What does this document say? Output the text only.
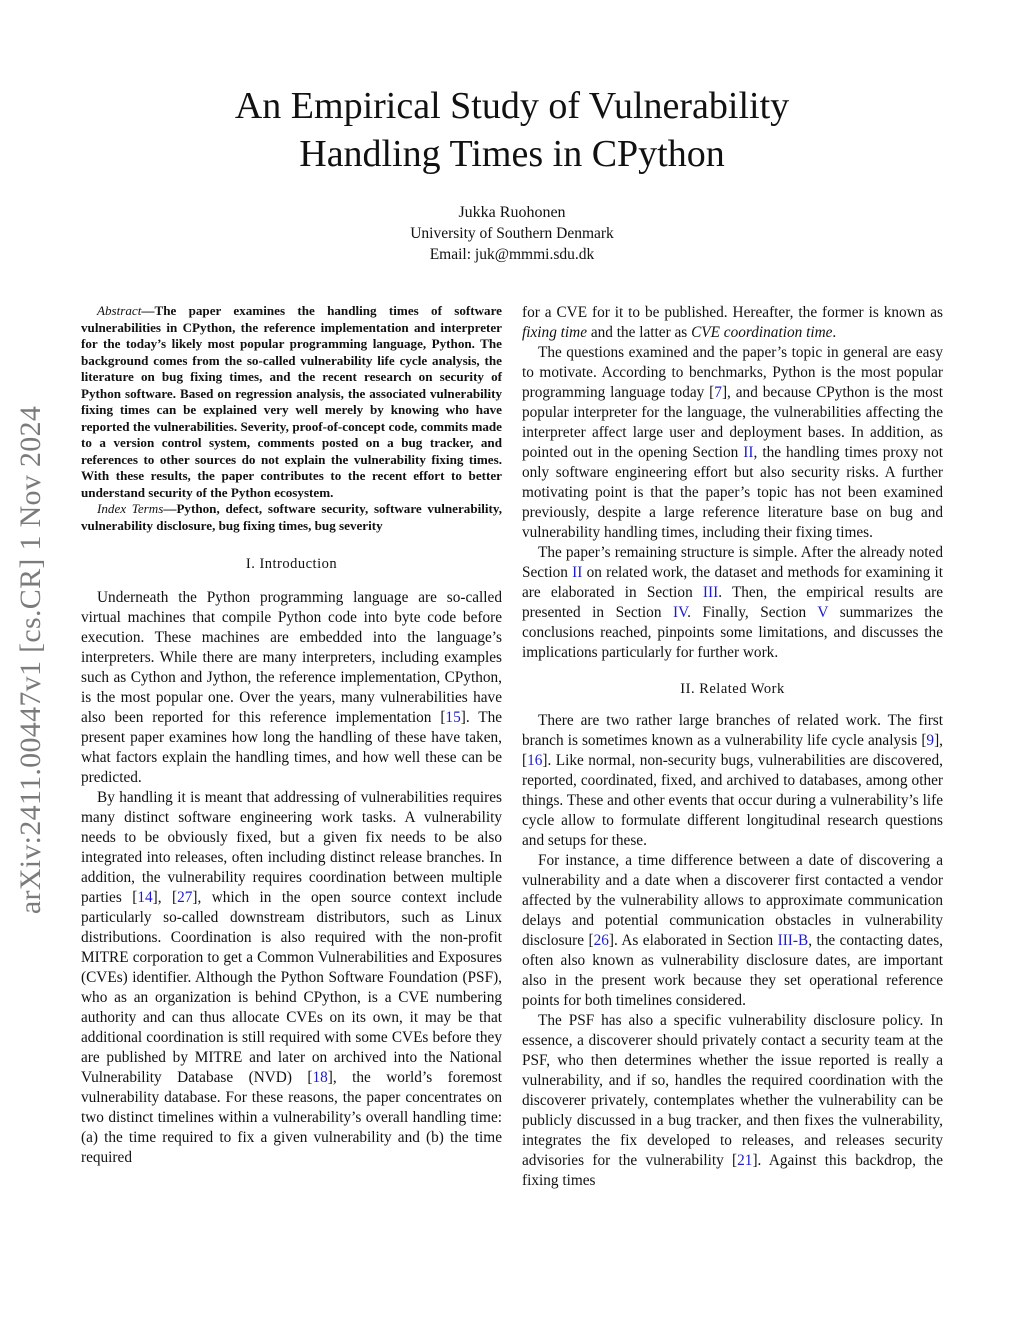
arXiv:2411.00447v1 [cs.CR] 1 Nov 2024
An Empirical Study of Vulnerability
Handling Times in CPython
Jukka Ruohonen
University of Southern Denmark
Email: juk@mmmi.sdu.dk

Abstract—The paper examines the handling times of software vulnerabilities in CPython, the reference implementation and interpreter for the today’s likely most popular programming language, Python. The background comes from the so-called vulnerability life cycle analysis, the literature on bug fixing times, and the recent research on security of Python software. Based on regression analysis, the associated vulnerability fixing times can be explained very well merely by knowing who have reported the vulnerabilities. Severity, proof-of-concept code, commits made to a version control system, comments posted on a bug tracker, and references to other sources do not explain the vulnerability fixing times. With these results, the paper contributes to the recent effort to better understand security of the Python ecosystem.

Index Terms—Python, defect, software security, software vulnerability, vulnerability disclosure, bug fixing times, bug severity

I. Introduction

Underneath the Python programming language are so-called virtual machines that compile Python code into byte code before execution. These machines are embedded into the language’s interpreters. While there are many interpreters, including examples such as Cython and Jython, the reference implementation, CPython, is the most popular one. Over the years, many vulnerabilities have also been reported for this reference implementation [15]. The present paper examines how long the handling of these have taken, what factors explain the handling times, and how well these can be predicted.

By handling it is meant that addressing of vulnerabilities requires many distinct software engineering work tasks. A vulnerability needs to be obviously fixed, but a given fix needs to be also integrated into releases, often including distinct release branches. In addition, the vulnerability requires coordination between multiple parties [14], [27], which in the open source context include particularly so-called downstream distributors, such as Linux distributions. Coordination is also required with the non-profit MITRE corporation to get a Common Vulnerabilities and Exposures (CVEs) identifier. Although the Python Software Foundation (PSF), who as an organization is behind CPython, is a CVE numbering authority and can thus allocate CVEs on its own, it may be that additional coordination is still required with some CVEs before they are published by MITRE and later on archived into the National Vulnerability Database (NVD) [18], the world’s foremost vulnerability database. For these reasons, the paper concentrates on two distinct timelines within a vulnerability’s overall handling time: (a) the time required to fix a given vulnerability and (b) the time required

for a CVE for it to be published. Hereafter, the former is known as fixing time and the latter as CVE coordination time.

The questions examined and the paper’s topic in general are easy to motivate. According to benchmarks, Python is the most popular programming language today [7], and because CPython is the most popular interpreter for the language, the vulnerabilities affecting the interpreter affect large user and deployment bases. In addition, as pointed out in the opening Section II, the handling times proxy not only software engineering effort but also security risks. A further motivating point is that the paper’s topic has not been examined previously, despite a large reference literature base on bug and vulnerability handling times, including their fixing times.

The paper’s remaining structure is simple. After the already noted Section II on related work, the dataset and methods for examining it are elaborated in Section III. Then, the empirical results are presented in Section IV. Finally, Section V summarizes the conclusions reached, pinpoints some limitations, and discusses the implications particularly for further work.

II. Related Work

There are two rather large branches of related work. The first branch is sometimes known as a vulnerability life cycle analysis [9], [16]. Like normal, non-security bugs, vulnerabilities are discovered, reported, coordinated, fixed, and archived to databases, among other things. These and other events that occur during a vulnerability’s life cycle allow to formulate different longitudinal research questions and setups for these.

For instance, a time difference between a date of discovering a vulnerability and a date when a discoverer first contacted a vendor affected by the vulnerability allows to approximate communication delays and potential communication obstacles in vulnerability disclosure [26]. As elaborated in Section III-B, the contacting dates, often also known as vulnerability disclosure dates, are important also in the present work because they set operational reference points for both timelines considered.

The PSF has also a specific vulnerability disclosure policy. In essence, a discoverer should privately contact a security team at the PSF, who then determines whether the issue reported is really a vulnerability, and if so, handles the required coordination with the discoverer privately, contemplates whether the vulnerability can be publicly discussed in a bug tracker, and then fixes the vulnerability, integrates the fix developed to releases, and releases security advisories for the vulnerability [21]. Against this backdrop, the fixing times
